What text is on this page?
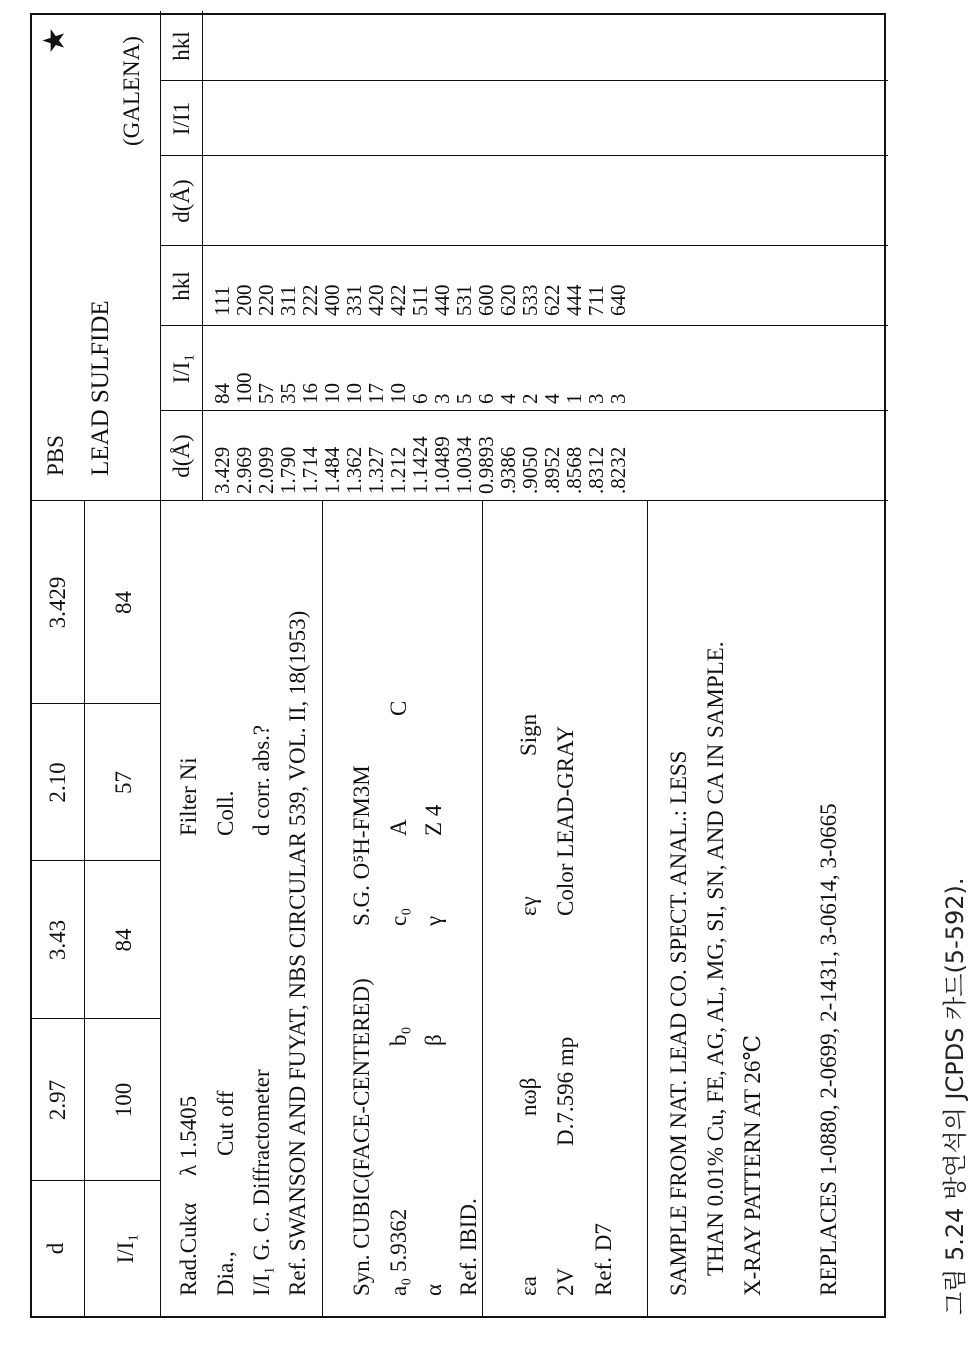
d I/I₁
2.97 100
3.43 84
2.10 57
3.429 84
PBS
★
LEAD SULFIDE
(GALENA)
Rad.Cukα
λ 1.5405
Filter Ni
Dia.,
Cut off
Coll.
I/I₁ G. C. Diffractometer
d corr. abs.? Ref. SWANSON AND FUYAT, NBS CIRCULAR 539, VOL. II, 18(1953) Syn. CUBIC(FACE-CENTERED)
S.G. O⁵H-FM3M
a₀ 5.9362
b₀
c₀
A
C
α
β
γ
Z 4
Ref. IBID. εa
nωβ
εγ
Sign
2V
D.7.596 mp
Color LEAD-GRAY
Ref. D7 SAMPLE FROM NAT. LEAD CO. SPECT. ANAL.: LESS THAN 0.01% Cu, FE, AG, AL, MG, SI, SN, AND CA IN SAMPLE. X-RAY PATTERN AT 26℃ REPLACES 1-0880, 2-0699, 2-1431, 3-0614, 3-0665
d(Å)
I/I₁
hkl
d(Å)
I/I1
hkl
3.429
84
111
2.969
100
200
2.099
57
220
1.790
35
311
1.714
16
222
1.484
10
400
1.362
10
331
1.327
17
420
1.212
10
422
1.1424
6
511
1.0489
3
440
1.0034
5
531
0.9893
6
600
.9386
4
620
.9050
2
533
.8952
4
622
.8568
1
444
.8312
3
711
.8232
3
640
그림 5.24 방연석의 JCPDS 카드(5-592).
